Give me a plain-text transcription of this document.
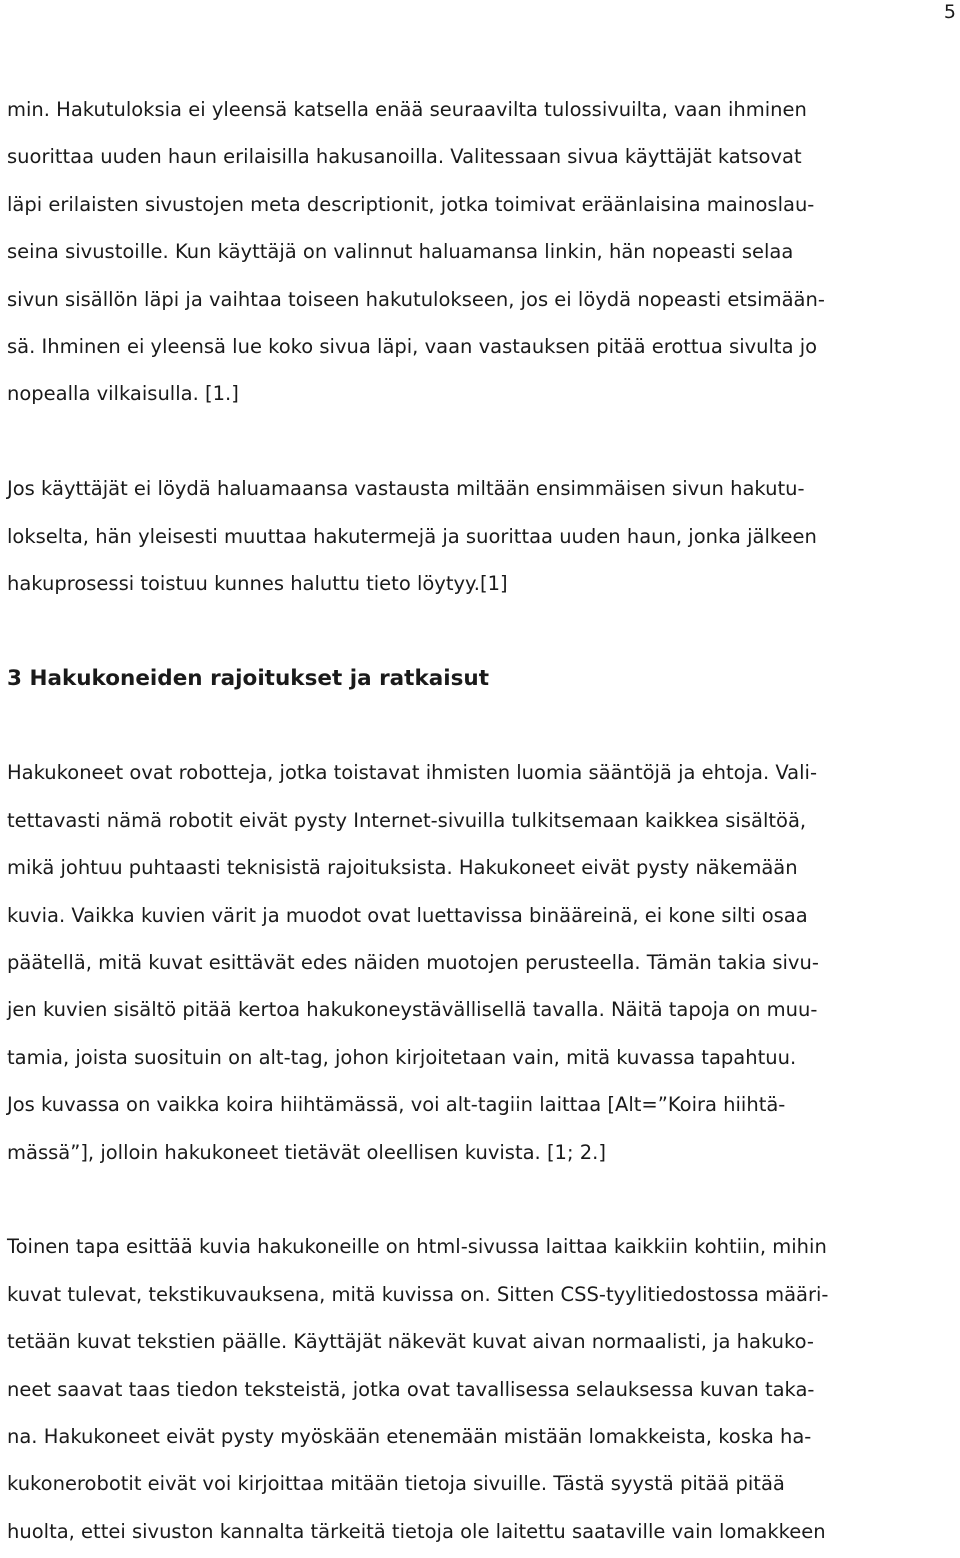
5
min. Hakutuloksia ei yleensä katsella enää seuraavilta tulossivuilta, vaan ihminen
suorittaa uuden haun erilaisilla hakusanoilla. Valitessaan sivua käyttäjät katsovat
läpi erilaisten sivustojen meta descriptionit, jotka toimivat eräänlaisina mainoslau-
seina sivustoille. Kun käyttäjä on valinnut haluamansa linkin, hän nopeasti selaa
sivun sisällön läpi ja vaihtaa toiseen hakutulokseen, jos ei löydä nopeasti etsimään-
sä. Ihminen ei yleensä lue koko sivua läpi, vaan vastauksen pitää erottua sivulta jo
nopealla vilkaisulla. [1.]
Jos käyttäjät ei löydä haluamaansa vastausta miltään ensimmäisen sivun hakutu-
lokselta, hän yleisesti muuttaa hakutermejä ja suorittaa uuden haun, jonka jälkeen
hakuprosessi toistuu kunnes haluttu tieto löytyy.[1]
3 Hakukoneiden rajoitukset ja ratkaisut
Hakukoneet ovat robotteja, jotka toistavat ihmisten luomia sääntöjä ja ehtoja. Vali-
tettavasti nämä robotit eivät pysty Internet-sivuilla tulkitsemaan kaikkea sisältöä,
mikä johtuu puhtaasti teknisistä rajoituksista. Hakukoneet eivät pysty näkemään
kuvia. Vaikka kuvien värit ja muodot ovat luettavissa binääreinä, ei kone silti osaa
päätellä, mitä kuvat esittävät edes näiden muotojen perusteella. Tämän takia sivu-
jen kuvien sisältö pitää kertoa hakukoneystävällisellä tavalla. Näitä tapoja on muu-
tamia, joista suosituin on alt-tag, johon kirjoitetaan vain, mitä kuvassa tapahtuu.
Jos kuvassa on vaikka koira hiihtämässä, voi alt-tagiin laittaa [Alt=”Koira hiihtä-
mässä”], jolloin hakukoneet tietävät oleellisen kuvista. [1; 2.]
Toinen tapa esittää kuvia hakukoneille on html-sivussa laittaa kaikkiin kohtiin, mihin
kuvat tulevat, tekstikuvauksena, mitä kuvissa on. Sitten CSS-tyylitiedostossa määri-
tetään kuvat tekstien päälle. Käyttäjät näkevät kuvat aivan normaalisti, ja hakuko-
neet saavat taas tiedon teksteistä, jotka ovat tavallisessa selauksessa kuvan taka-
na. Hakukoneet eivät pysty myöskään etenemään mistään lomakkeista, koska ha-
kukonerobotit eivät voi kirjoittaa mitään tietoja sivuille. Tästä syystä pitää pitää
huolta, ettei sivuston kannalta tärkeitä tietoja ole laitettu saataville vain lomakkeen
